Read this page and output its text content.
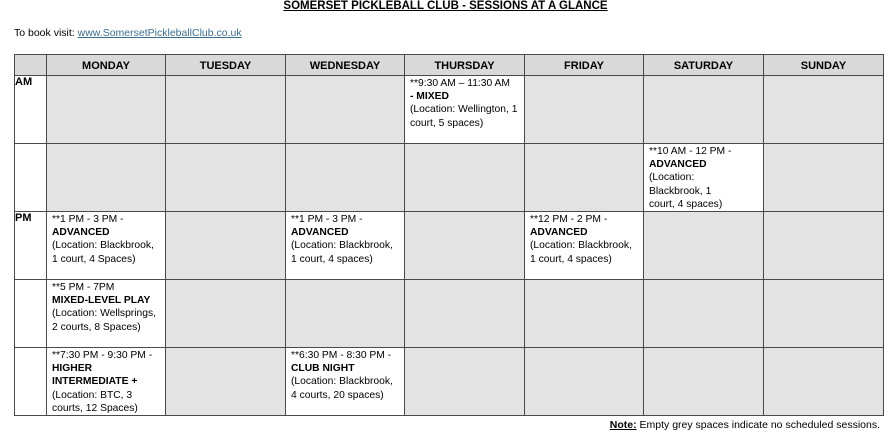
SOMERSET PICKLEBALL CLUB - SESSIONS AT A GLANCE
To book visit: www.SomersetPickleballClub.co.uk
	MONDAY	TUESDAY	WEDNESDAY	THURSDAY	FRIDAY	SATURDAY	SUNDAY
AM				**9:30 AM – 11:30 AM
- MIXED
(Location: Wellington, 1 court, 5 spaces)			

						**10 AM - 12 PM -
ADVANCED
(Location: Blackbrook, 1 court, 4 spaces)	

PM	**1 PM - 3 PM -
ADVANCED
(Location: Blackbrook, 1 court, 4 Spaces)		**1 PM - 3 PM -
ADVANCED
(Location: Blackbrook, 1 court, 4 spaces)		**12 PM - 2 PM -
ADVANCED
(Location: Blackbrook, 1 court, 4 spaces)		

	**5 PM - 7PM
MIXED-LEVEL PLAY
(Location: Wellsprings, 2 courts, 8 Spaces)						

	**7:30 PM - 9:30 PM -
HIGHER INTERMEDIATE +
(Location: BTC, 3 courts, 12 Spaces)		**6:30 PM - 8:30 PM -
CLUB NIGHT
(Location: Blackbrook, 4 courts, 20 spaces)				

Note: Empty grey spaces indicate no scheduled sessions.
